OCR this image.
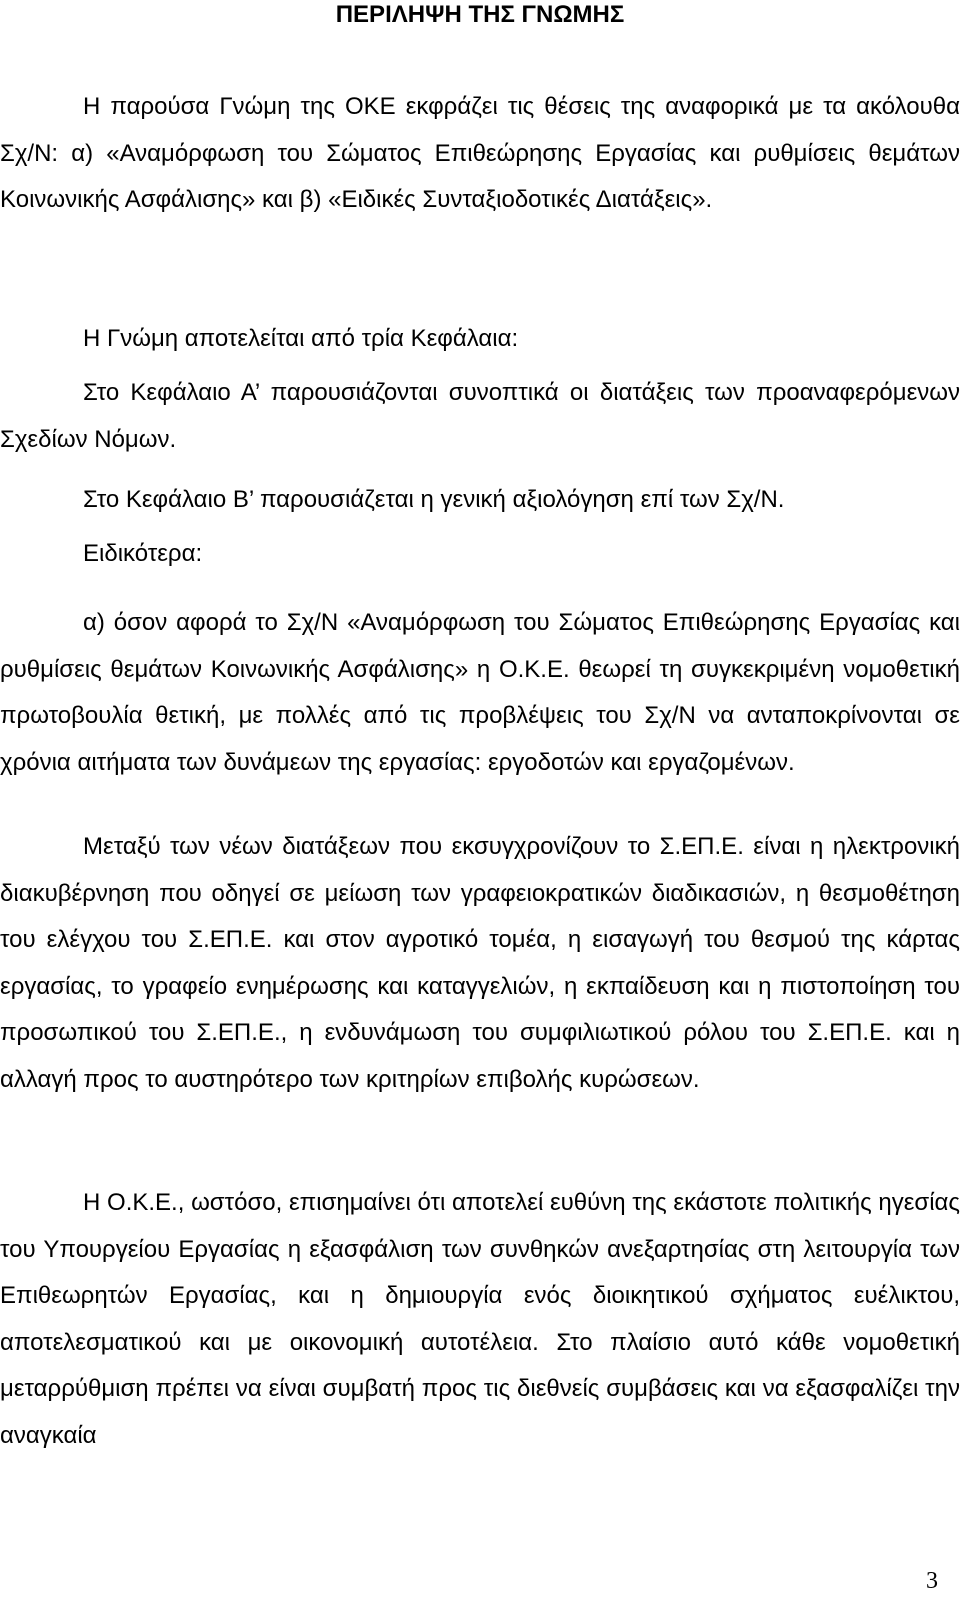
ΠΕΡΙΛΗΨΗ ΤΗΣ ΓΝΩΜΗΣ

Η παρούσα Γνώμη της ΟΚΕ εκφράζει τις θέσεις της αναφορικά με τα ακόλουθα Σχ/Ν: α) «Αναμόρφωση του Σώματος Επιθεώρησης Εργασίας και ρυθμίσεις θεμάτων Κοινωνικής Ασφάλισης» και β) «Ειδικές Συνταξιοδοτικές Διατάξεις».

Η Γνώμη αποτελείται από τρία Κεφάλαια:

Στο Κεφάλαιο Α’ παρουσιάζονται συνοπτικά οι διατάξεις των προαναφερόμενων Σχεδίων Νόμων.

Στο Κεφάλαιο Β’ παρουσιάζεται η γενική αξιολόγηση επί των Σχ/Ν.

Ειδικότερα:

α) όσον αφορά το Σχ/Ν «Αναμόρφωση του Σώματος Επιθεώρησης Εργασίας και ρυθμίσεις θεμάτων Κοινωνικής Ασφάλισης» η Ο.Κ.Ε. θεωρεί τη συγκεκριμένη νομοθετική πρωτοβουλία θετική, με πολλές από τις προβλέψεις του Σχ/Ν να ανταποκρίνονται σε χρόνια αιτήματα των δυνάμεων της εργασίας: εργοδοτών και εργαζομένων.

Μεταξύ των νέων διατάξεων που εκσυγχρονίζουν το Σ.ΕΠ.Ε. είναι η ηλεκτρονική διακυβέρνηση που οδηγεί σε μείωση των γραφειοκρατικών διαδικασιών, η θεσμοθέτηση του ελέγχου του Σ.ΕΠ.Ε. και στον αγροτικό τομέα, η εισαγωγή του θεσμού της κάρτας εργασίας, το γραφείο ενημέρωσης και καταγγελιών, η εκπαίδευση και η πιστοποίηση του προσωπικού του Σ.ΕΠ.Ε., η ενδυνάμωση του συμφιλιωτικού ρόλου του Σ.ΕΠ.Ε. και η αλλαγή προς το αυστηρότερο των κριτηρίων επιβολής κυρώσεων.

Η Ο.Κ.Ε., ωστόσο, επισημαίνει ότι αποτελεί ευθύνη της εκάστοτε πολιτικής ηγεσίας του Υπουργείου Εργασίας η εξασφάλιση των συνθηκών ανεξαρτησίας στη λειτουργία των Επιθεωρητών Εργασίας, και η δημιουργία ενός διοικητικού σχήματος ευέλικτου, αποτελεσματικού και με οικονομική αυτοτέλεια. Στο πλαίσιο αυτό κάθε νομοθετική μεταρρύθμιση πρέπει να είναι συμβατή προς τις διεθνείς συμβάσεις και να εξασφαλίζει την αναγκαία

3
